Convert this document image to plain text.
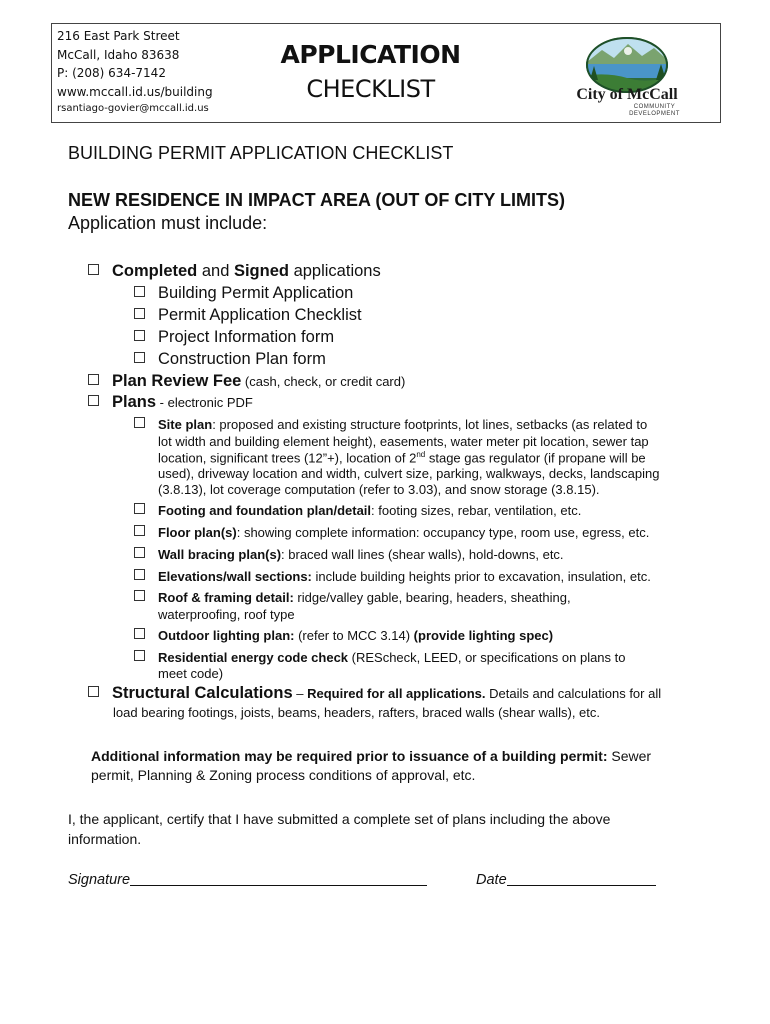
216 East Park Street
McCall, Idaho 83638
P: (208) 634-7142
www.mccall.id.us/building
rsantiago-govier@mccall.id.us
APPLICATION
CHECKLIST	City of McCall
COMMUNITY
DEVELOPMENT
BUILDING PERMIT APPLICATION CHECKLIST
NEW RESIDENCE IN IMPACT AREA (OUT OF CITY LIMITS)
Application must include:
Completed and Signed applications
Building Permit Application
Permit Application Checklist
Project Information form
Construction Plan form
Plan Review Fee (cash, check, or credit card)
Plans - electronic PDF
Site plan: proposed and existing structure footprints, lot lines, setbacks (as related to
lot width and building element height), easements, water meter pit location, sewer tap
location, significant trees (12”+), location of 2nd stage gas regulator (if propane will be
used), driveway location and width, culvert size, parking, walkways, decks, landscaping
(3.8.13), lot coverage computation (refer to 3.03), and snow storage (3.8.15).
Footing and foundation plan/detail: footing sizes, rebar, ventilation, etc.
Floor plan(s): showing complete information: occupancy type, room use, egress, etc.
Wall bracing plan(s): braced wall lines (shear walls), hold-downs, etc.
Elevations/wall sections: include building heights prior to excavation, insulation, etc.
Roof & framing detail: ridge/valley gable, bearing, headers, sheathing,
waterproofing, roof type
Outdoor lighting plan: (refer to MCC 3.14) (provide lighting spec)
Residential energy code check (REScheck, LEED, or specifications on plans to
meet code)
Structural Calculations – Required for all applications. Details and calculations for all
load bearing footings, joists, beams, headers, rafters, braced walls (shear walls), etc.
Additional information may be required prior to issuance of a building permit: Sewer
permit, Planning & Zoning process conditions of approval, etc.
I, the applicant, certify that I have submitted a complete set of plans including the above
information.
Signature	Date
